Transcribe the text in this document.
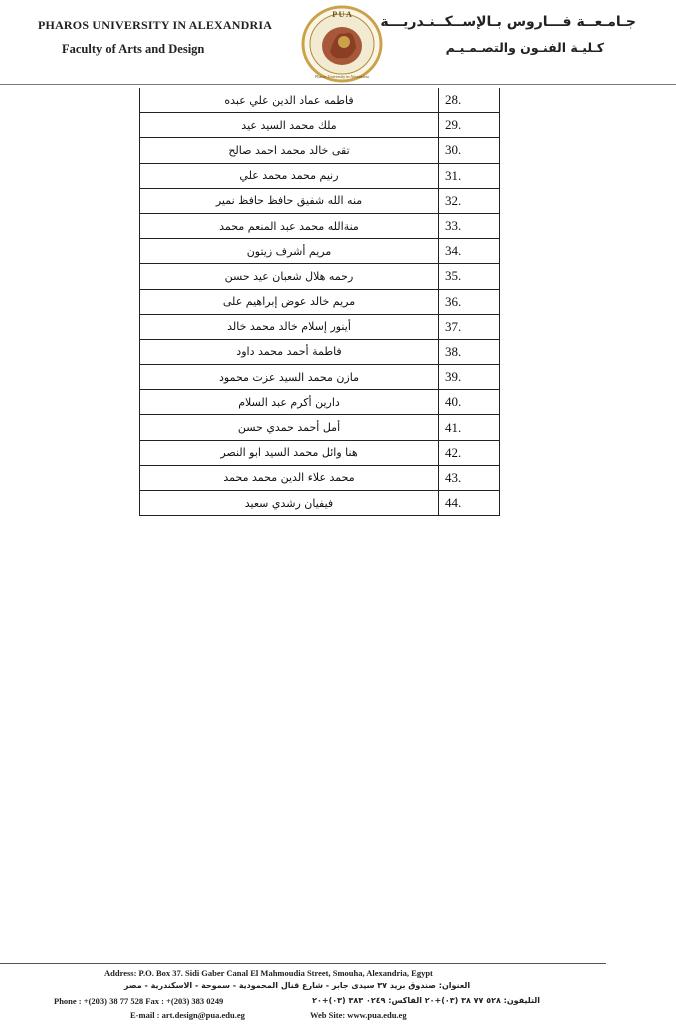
PHAROS UNIVERSITY IN ALEXANDRIA
Faculty of Arts and Design
P U A
Pharos University in Alexandria
جـامـعــة فـــاروس بـالإســكــنـدريـــة
كـليـة الفنـون والتصـمـيـم
فاطمه عماد الدين علي عبده	28.
ملك محمد السيد عيد	29.
تقى خالد محمد احمد صالح	30.
رنيم محمد محمد علي	31.
منه الله شفيق حافظ حافظ نمير	32.
منةالله محمد عبد المنعم محمد	33.
مريم أشرف زيتون	34.
رحمه هلال شعبان عيد حسن	35.
مريم خالد عوض إبراهيم على	36.
أينور إسلام خالد محمد خالد	37.
فاطمة أحمد محمد داود	38.
مازن محمد السيد عزت محمود	39.
دارين أكرم عبد السلام	40.
أمل أحمد حمدي حسن	41.
هنا وائل محمد السيد ابو النصر	42.
محمد علاء الدين محمد محمد	43.
فيفيان رشدي سعيد	44.
Address: P.O. Box 37. Sidi Gaber Canal El Mahmoudia Street, Smouha, Alexandria, Egypt
العنوان: صندوق بريد ٣٧ سيدى جابر - شارع قنال المحمودية - سموحة - الاسكندرية - مصر
Phone : +(203) 38 77 528 Fax : +(203) 383 0249	التليفون: ٥٢٨ ٧٧ ٣٨ (٠٣)+٢٠ الفاكس: ٠٢٤٩ ٣٨٣ (٠٣)+٢٠
E-mail : art.design@pua.edu.eg	Web Site: www.pua.edu.eg
